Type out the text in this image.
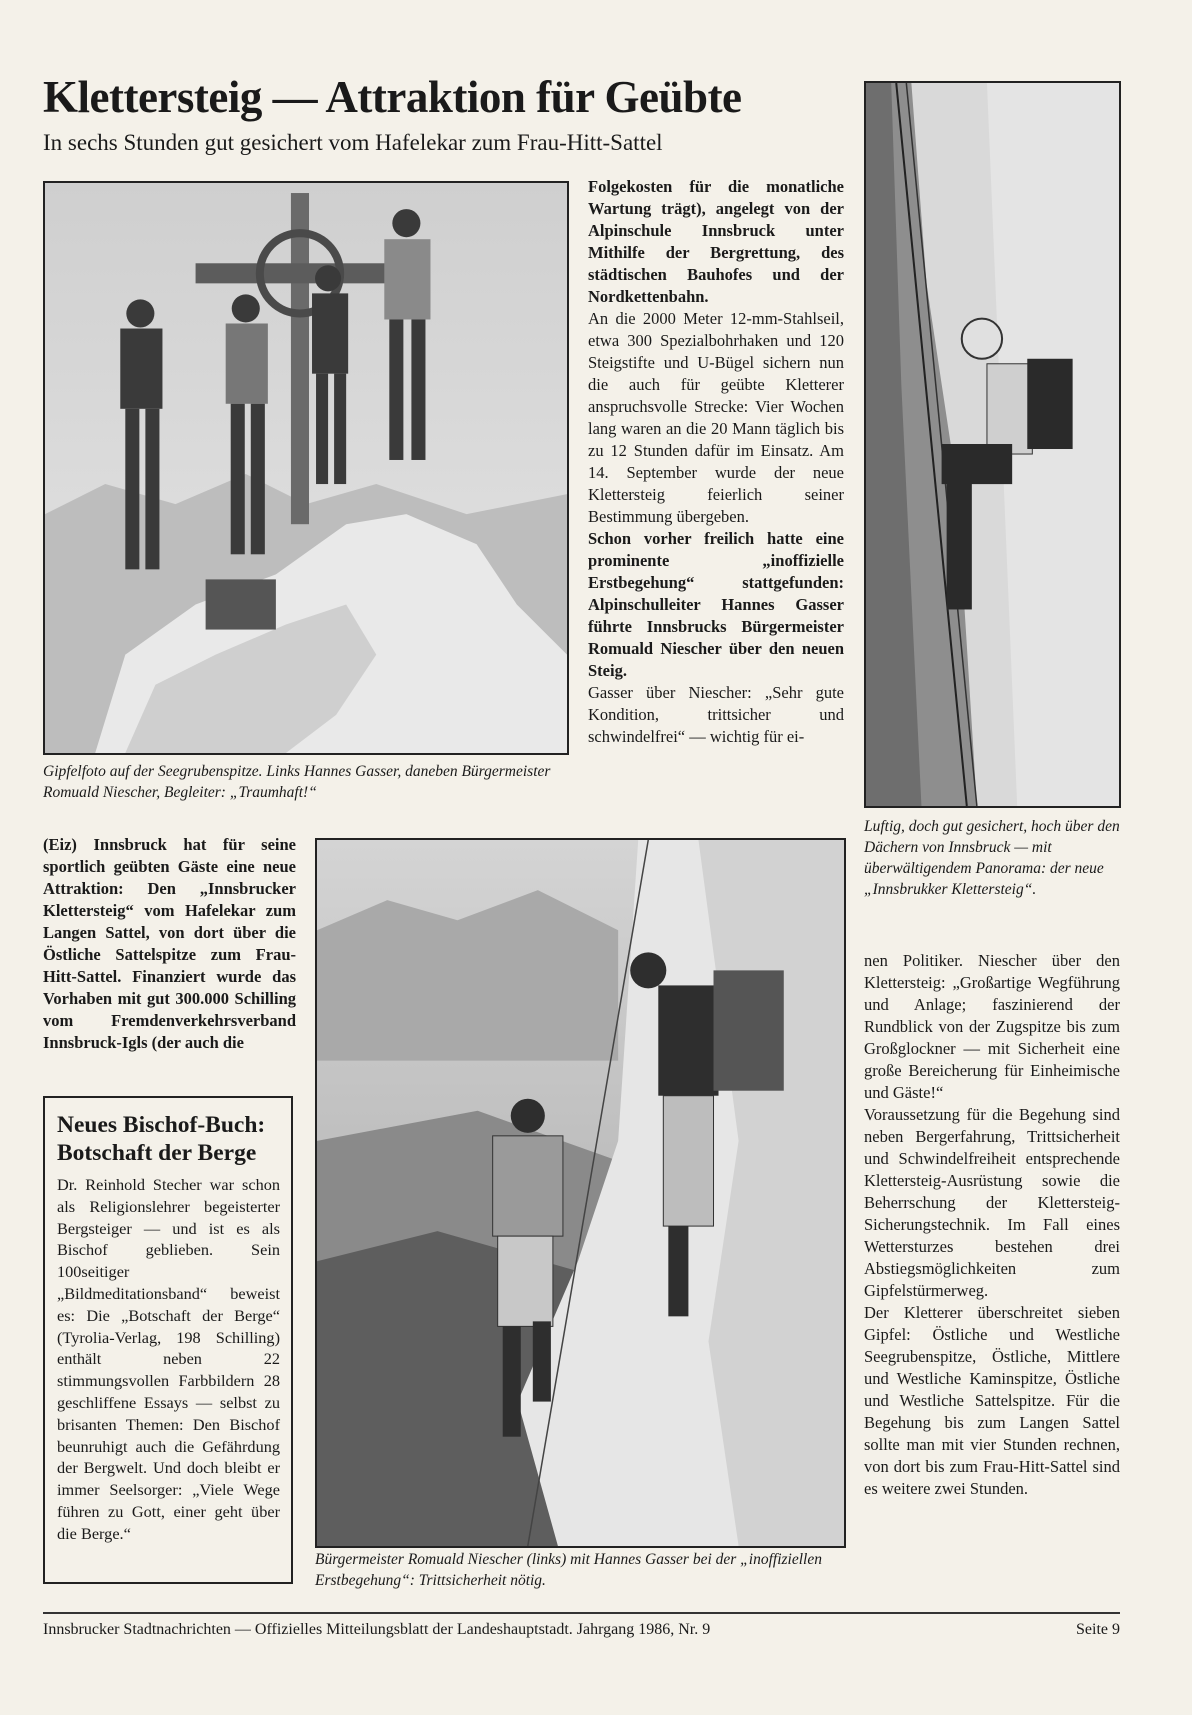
Klettersteig — Attraktion für Geübte
In sechs Stunden gut gesichert vom Hafelekar zum Frau-Hitt-Sattel
Gipfelfoto auf der Seegrubenspitze. Links Hannes Gasser, daneben Bürgermeister Romuald Niescher, Begleiter: „Traumhaft!“
Luftig, doch gut gesichert, hoch über den Dächern von Innsbruck — mit überwältigendem Panorama: der neue „Innsbrukker Klettersteig“.
Bürgermeister Romuald Niescher (links) mit Hannes Gasser bei der „inoffiziellen Erstbegehung“: Trittsicherheit nötig.

Folgekosten für die monatliche Wartung trägt), angelegt von der Alpinschule Innsbruck unter Mithilfe der Bergrettung, des städtischen Bauhofes und der Nordkettenbahn.

An die 2000 Meter 12-mm-Stahlseil, etwa 300 Spezialbohrhaken und 120 Steigstifte und U-Bügel sichern nun die auch für geübte Kletterer anspruchsvolle Strecke: Vier Wochen lang waren an die 20 Mann täglich bis zu 12 Stunden dafür im Einsatz. Am 14. September wurde der neue Klettersteig feierlich seiner Bestimmung übergeben.

Schon vorher freilich hatte eine prominente „inoffizielle Erstbegehung“ stattgefunden: Alpinschulleiter Hannes Gasser führte Innsbrucks Bürgermeister Romuald Niescher über den neuen Steig.

Gasser über Niescher: „Sehr gute Kondition, trittsicher und schwindelfrei“ — wichtig für ei-

(Eiz) Innsbruck hat für seine sportlich geübten Gäste eine neue Attraktion: Den „Innsbrucker Klettersteig“ vom Hafelekar zum Langen Sattel, von dort über die Östliche Sattelspitze zum Frau-Hitt-Sattel. Finanziert wurde das Vorhaben mit gut 300.000 Schilling vom Fremdenverkehrsverband Innsbruck-Igls (der auch die
Neues Bischof-Buch: Botschaft der Berge
Dr. Reinhold Stecher war schon als Religionslehrer begeisterter Bergsteiger — und ist es als Bischof geblieben. Sein 100seitiger „Bildmeditationsband“ beweist es: Die „Botschaft der Berge“ (Tyrolia-Verlag, 198 Schilling) enthält neben 22 stimmungsvollen Farbbildern 28 geschliffene Essays — selbst zu brisanten Themen: Den Bischof beunruhigt auch die Gefährdung der Bergwelt. Und doch bleibt er immer Seelsorger: „Viele Wege führen zu Gott, einer geht über die Berge.“

nen Politiker. Niescher über den Klettersteig: „Großartige Wegführung und Anlage; faszinierend der Rundblick von der Zugspitze bis zum Großglockner — mit Sicherheit eine große Bereicherung für Einheimische und Gäste!“

Voraussetzung für die Begehung sind neben Bergerfahrung, Trittsicherheit und Schwindelfreiheit entsprechende Klettersteig-Ausrüstung sowie die Beherrschung der Klettersteig-Sicherungstechnik. Im Fall eines Wettersturzes bestehen drei Abstiegsmöglichkeiten zum Gipfelstürmerweg.

Der Kletterer überschreitet sieben Gipfel: Östliche und Westliche Seegrubenspitze, Östliche, Mittlere und Westliche Kaminspitze, Östliche und Westliche Sattelspitze. Für die Begehung bis zum Langen Sattel sollte man mit vier Stunden rechnen, von dort bis zum Frau-Hitt-Sattel sind es weitere zwei Stunden.

Innsbrucker Stadtnachrichten — Offizielles Mitteilungsblatt der Landeshauptstadt. Jahrgang 1986, Nr. 9	Seite 9
